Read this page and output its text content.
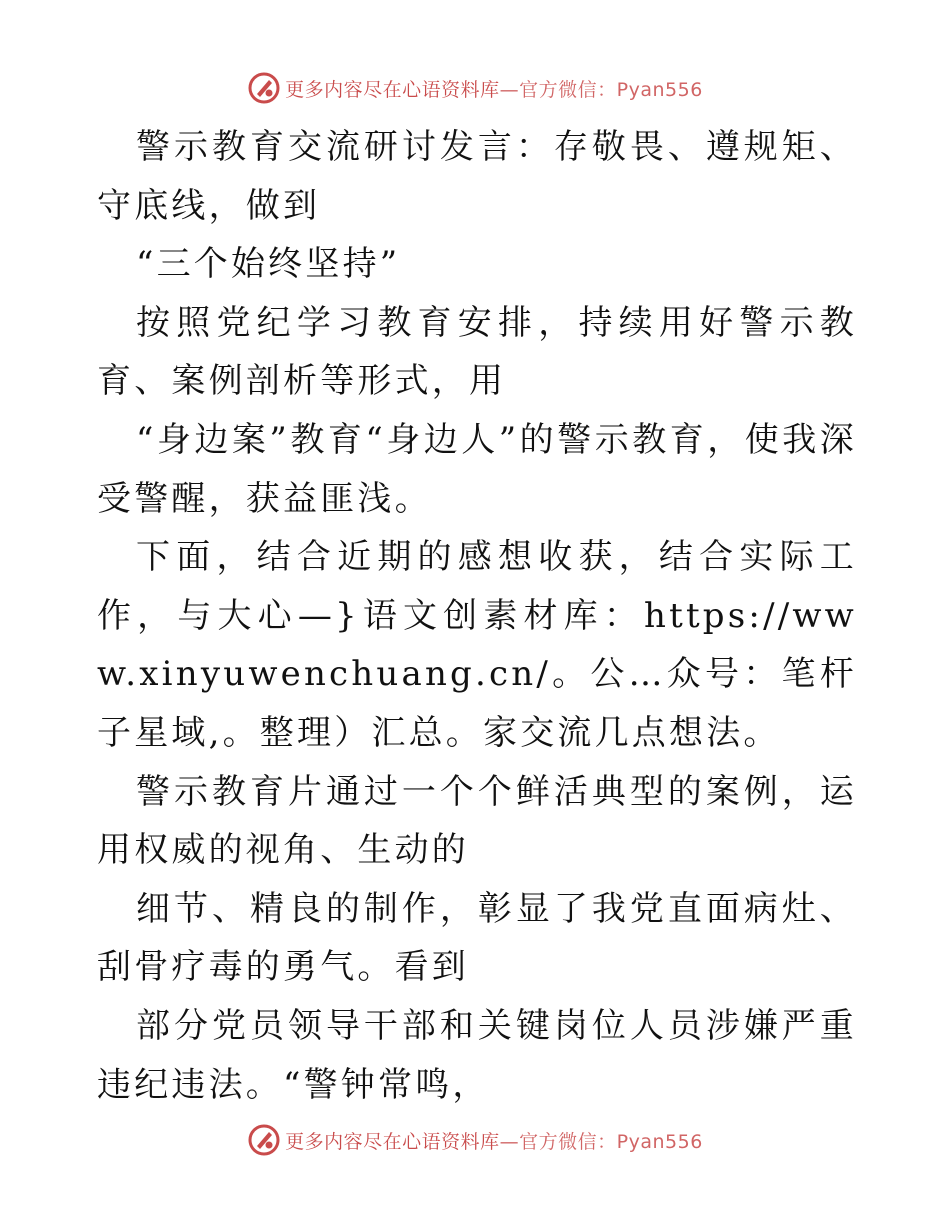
更多内容尽在心语资料库 —官方微信：Pyan556

警示教育交流研讨发言：存敬畏、遵规矩、守底线，做到

“三个始终坚持”

按照党纪学习教育安排，持续用好警示教育、案例剖析等形式，用

“身边案”教育“身边人”的警示教育，使我深受警醒，获益匪浅。

下面，结合近期的感想收获，结合实际工作，与大心—}语文创素材库：https://www.xinyuwenchuang.cn/。公…众号：笔杆子星域,。整理）汇总。家交流几点想法。

警示教育片通过一个个鲜活典型的案例，运用权威的视角、生动的

细节、精良的制作，彰显了我党直面病灶、刮骨疗毒的勇气。看到

部分党员领导干部和关键岗位人员涉嫌严重违纪违法。“警钟常鸣，

更多内容尽在心语资料库 —官方微信：Pyan556
